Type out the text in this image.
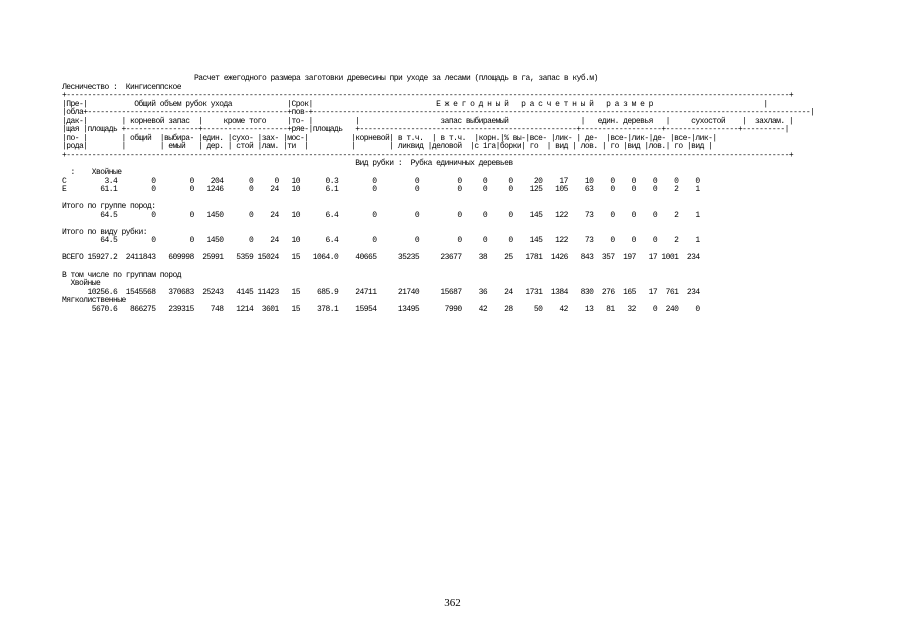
Расчет ежегодного размера заготовки древесины при уходе за лесами (площадь в га, запас в куб.м)
Лесничество :  Кингисеппское
+--------------------------------------------------------------------------------------------------------------------------------------------------------------------------+
|Пре-|           Общий объем рубок ухода             |Срок|                             Е ж е г о д н ы й   р а с ч е т н ы й   р а з м е р                          |
|обла+-----------------------------------------------+пов-+---------------------------------------------------------------------------------------------------------------------|
|дак-|        | корневой запас  |     кроме того     |то- |          |                   запас выбираемый                 |   един. деревья   |     сухостой    |  захлам. |
|щая |площадь +-----------------+--------------------+ряе-|площадь   +---------------------------------------------------+-------------------+-----------------+----------|
|по- |        | общий  |выбира- |един. |сухо- |зах- |мос-|          |корневой| в т.ч.  | в т.ч.  |корн.|% вы-|все- |лик- | де-  |все-|лик-|де- |все-|лик-|
|рода|        |        | емый   | дер. | стой |лам. |ти  |          |        | ликвид |деловой  |с 1га|борки| го  | вид | лов. | го |вид |лов.| го |вид |
+--------------------------------------------------------------------------------------------------------------------------------------------------------------------------+
Вид рубки :  Рубка единичных деревьев
:    Хвойные
С         3.4        0        0    204      0     0   10      0.3        0         0         0     0     0     20    17    10    0    0    0    0    0
Е        61.1        0        0   1246      0    24   10      6.1        0         0         0     0     0    125   105    63    0    0    0    2    1
Итого по группе пород:
64.5        0        0   1450      0    24   10      6.4        0         0         0     0     0    145   122    73    0    0    0    2    1
Итого по виду рубки:
64.5        0        0   1450      0    24   10      6.4        0         0         0     0     0    145   122    73    0    0    0    2    1
ВСЕГО 15927.2  2411843   609998  25991   5359 15024   15   1064.0    40665     35235     23677    38    25   1781  1426   843  357  197   17 1001  234
В том числе по группам пород
Хвойные
10256.6  1545568   370683  25243   4145 11423   15    685.9    24711     21740     15687    36    24   1731  1384   830  276  165   17  761  234
Мягколиственные
5670.6   866275   239315    748   1214  3601   15    378.1    15954     13495      7990    42    28     50    42    13   81   32    0  240    0
362
